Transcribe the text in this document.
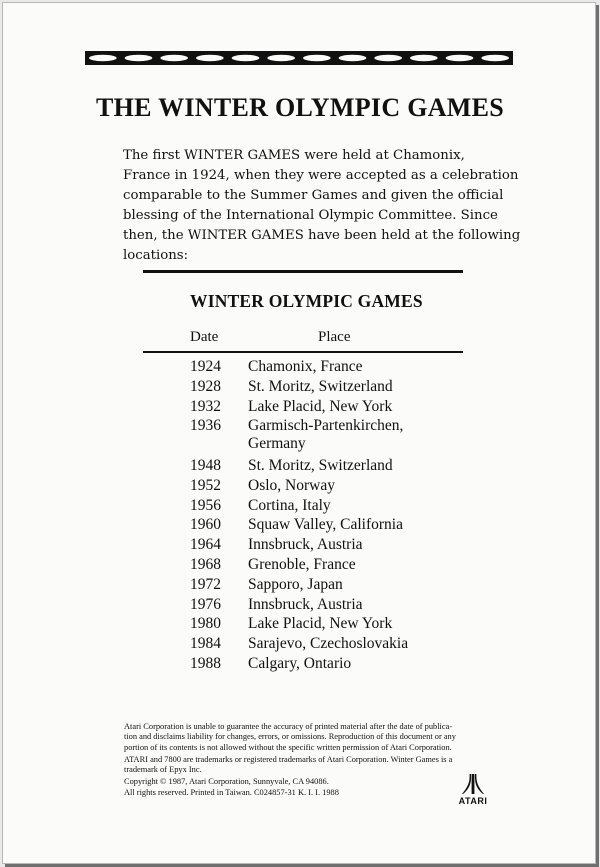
THE WINTER OLYMPIC GAMES
The first WINTER GAMES were held at Chamonix,
France in 1924, when they were accepted as a celebration
comparable to the Summer Games and given the official
blessing of the International Olympic Committee. Since
then, the WINTER GAMES have been held at the following
locations:
WINTER OLYMPIC GAMES
Date	Place
1924 Chamonix, France
1928 St. Moritz, Switzerland
1932 Lake Placid, New York
1936 Garmisch-Partenkirchen,
Germany
1948 St. Moritz, Switzerland
1952 Oslo, Norway
1956 Cortina, Italy
1960 Squaw Valley, California
1964 Innsbruck, Austria
1968 Grenoble, France
1972 Sapporo, Japan
1976 Innsbruck, Austria
1980 Lake Placid, New York
1984 Sarajevo, Czechoslovakia
1988 Calgary, Ontario

Atari Corporation is unable to guarantee the accuracy of printed material after the date of publica-
tion and disclaims liability for changes, errors, or omissions. Reproduction of this document or any
portion of its contents is not allowed without the specific written permission of Atari Corporation.

ATARI and 7800 are trademarks or registered trademarks of Atari Corporation. Winter Games is a
trademark of Epyx Inc.

Copyright © 1987, Atari Corporation, Sunnyvale, CA 94086.
All rights reserved. Printed in Taiwan. C024857-31 K. I. I. 1988

ATARI
